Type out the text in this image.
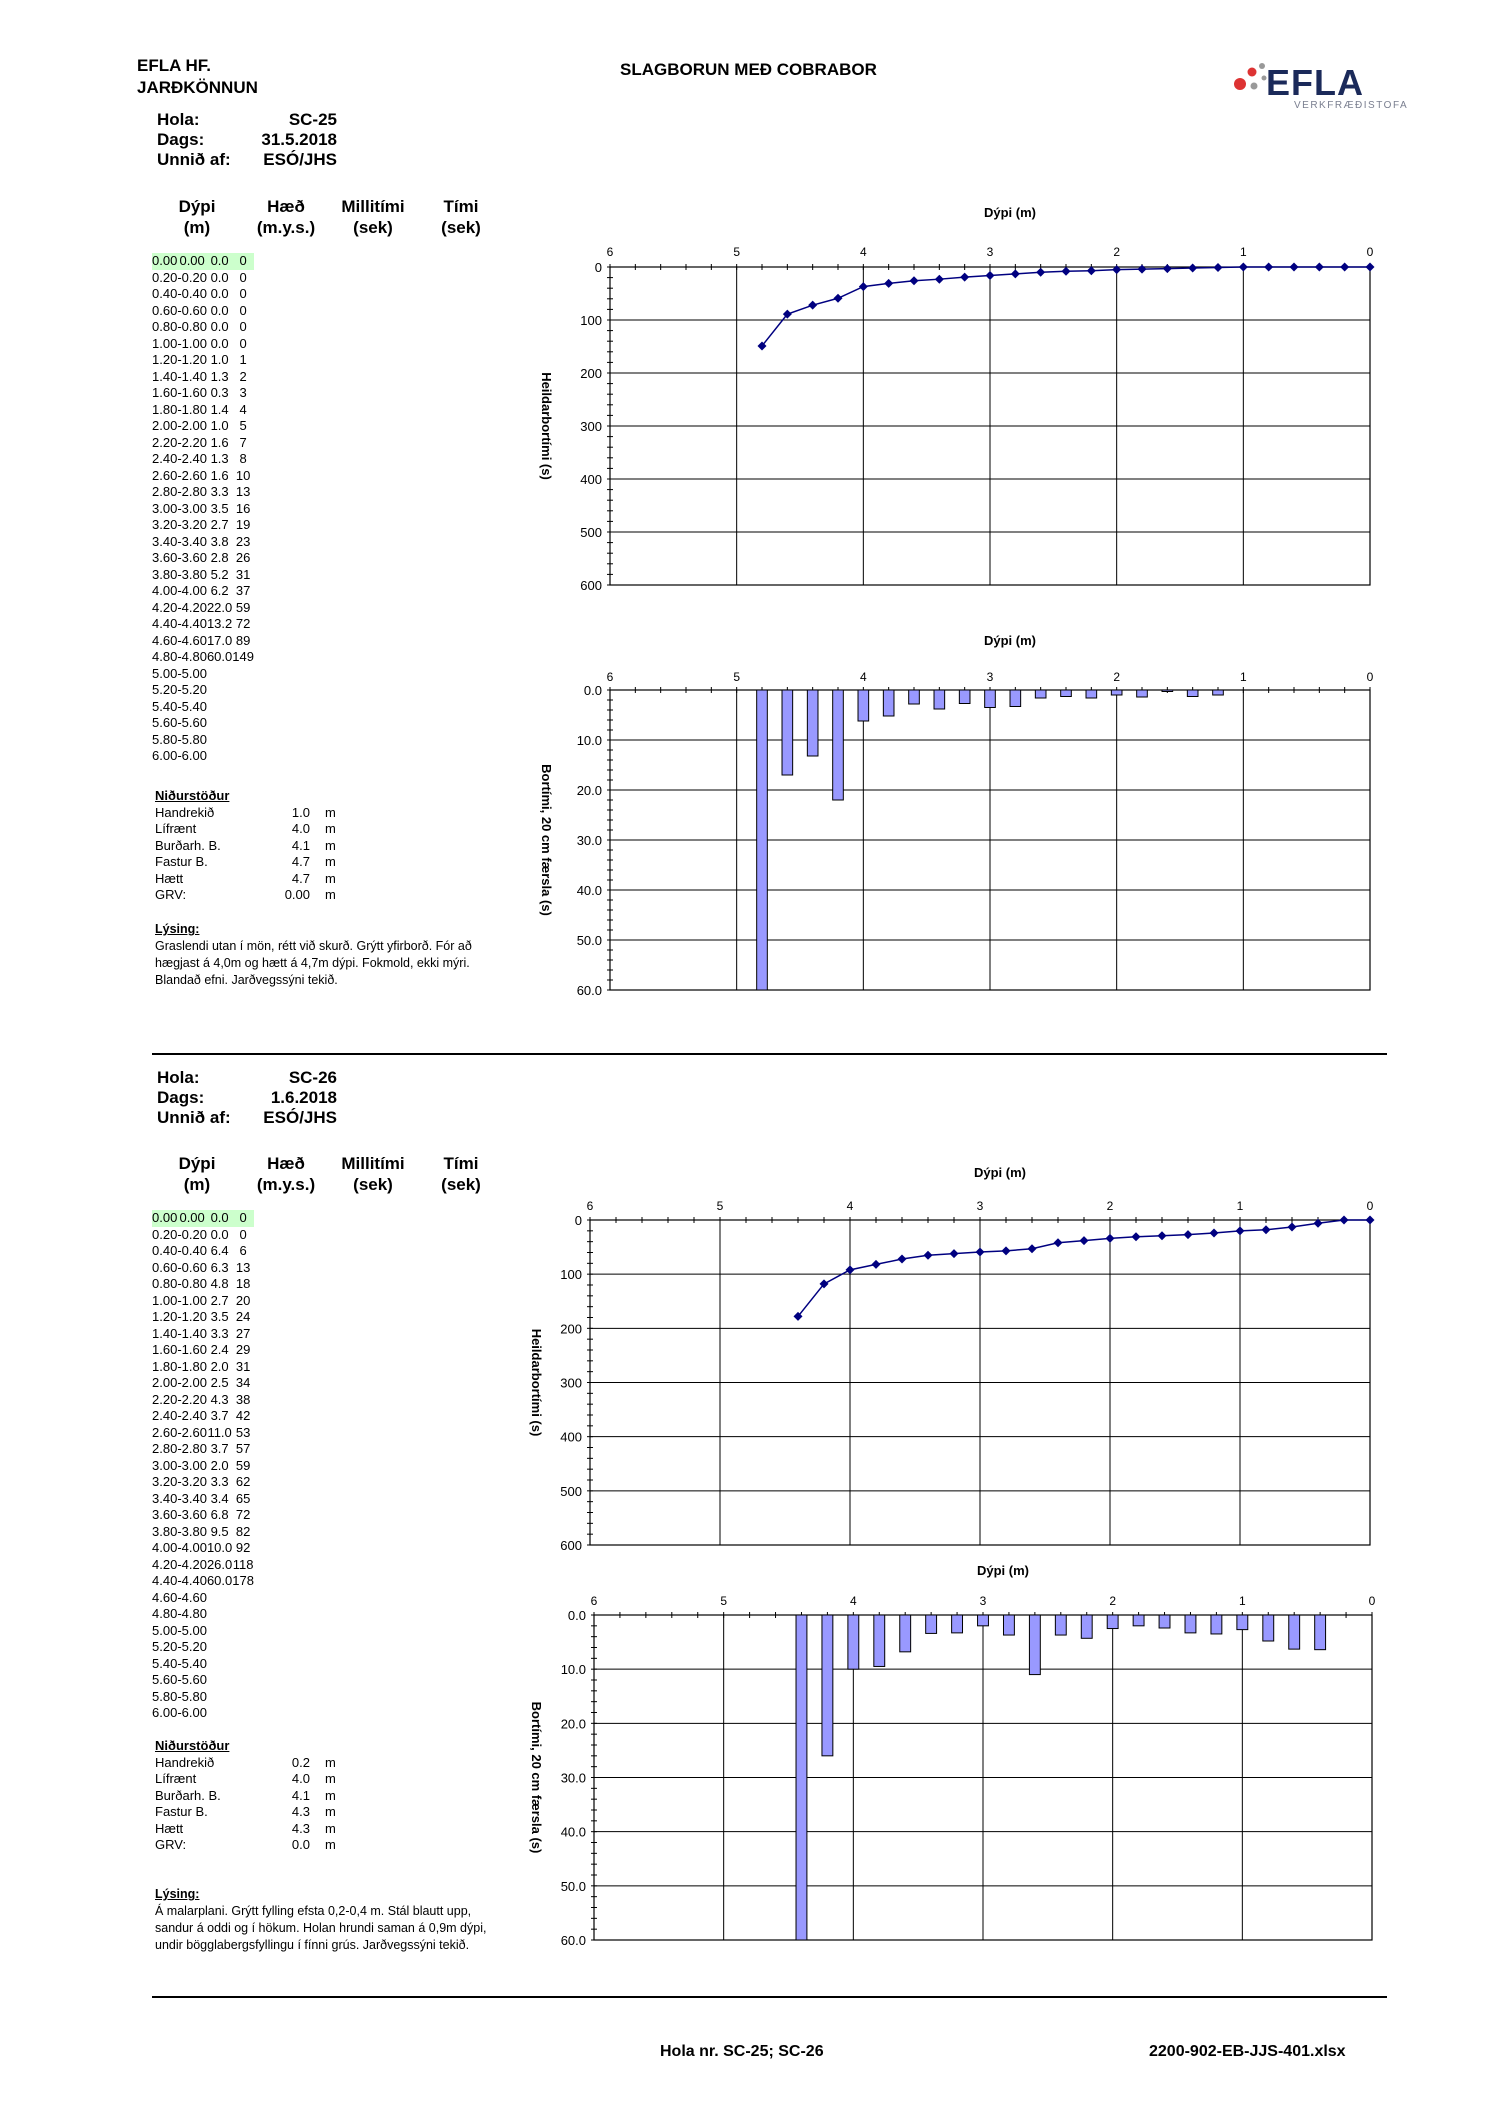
EFLA HF.
JARÐKÖNNUN
SLAGBORUN MEÐ COBRABOR	EFLA
VERKFRÆÐISTOFA
Hola:	SC-25
Dags:	31.5.2018
Unnið af:	ESÓ/JHS
Dýpi
(m)
Hæð
(m.y.s.)
Millitími
(sek)
Tími
(sek)
0.00	0.00	0.0	0	
0.20	-0.20	0.0	0	
0.40	-0.40	0.0	0	
0.60	-0.60	0.0	0	
0.80	-0.80	0.0	0	
1.00	-1.00	0.0	0	
1.20	-1.20	1.0	1	
1.40	-1.40	1.3	2	
1.60	-1.60	0.3	3	
1.80	-1.80	1.4	4	
2.00	-2.00	1.0	5	
2.20	-2.20	1.6	7	
2.40	-2.40	1.3	8	
2.60	-2.60	1.6	10	
2.80	-2.80	3.3	13	
3.00	-3.00	3.5	16	
3.20	-3.20	2.7	19	
3.40	-3.40	3.8	23	
3.60	-3.60	2.8	26	
3.80	-3.80	5.2	31	
4.00	-4.00	6.2	37	
4.20	-4.20	22.0	59	
4.40	-4.40	13.2	72	
4.60	-4.60	17.0	89	
4.80	-4.80	60.0	149	
5.00	-5.00			
5.20	-5.20			
5.40	-5.40			
5.60	-5.60			
5.80	-5.80			
6.00	-6.00			
Niðurstöður
Handrekið	1.0	m
Lífrænt	4.0	m
Burðarh. B.	4.1	m
Fastur B.	4.7	m
Hætt	4.7	m
GRV:	0.00	m
Lýsing:
Graslendi utan í mön, rétt við skurð. Grýtt yfirborð. Fór að hægjast á 4,0m og hætt á 4,7m dýpi. Fokmold, ekki mýri. Blandað efni. Jarðvegssýni tekið.
Hola:	SC-26
Dags:	1.6.2018
Unnið af:	ESÓ/JHS
Dýpi
(m)
Hæð
(m.y.s.)
Millitími
(sek)
Tími
(sek)
0.00	0.00	0.0	0	
0.20	-0.20	0.0	0	
0.40	-0.40	6.4	6	
0.60	-0.60	6.3	13	
0.80	-0.80	4.8	18	
1.00	-1.00	2.7	20	
1.20	-1.20	3.5	24	
1.40	-1.40	3.3	27	
1.60	-1.60	2.4	29	
1.80	-1.80	2.0	31	
2.00	-2.00	2.5	34	
2.20	-2.20	4.3	38	
2.40	-2.40	3.7	42	
2.60	-2.60	11.0	53	
2.80	-2.80	3.7	57	
3.00	-3.00	2.0	59	
3.20	-3.20	3.3	62	
3.40	-3.40	3.4	65	
3.60	-3.60	6.8	72	
3.80	-3.80	9.5	82	
4.00	-4.00	10.0	92	
4.20	-4.20	26.0	118	
4.40	-4.40	60.0	178	
4.60	-4.60			
4.80	-4.80			
5.00	-5.00			
5.20	-5.20			
5.40	-5.40			
5.60	-5.60			
5.80	-5.80			
6.00	-6.00			
Niðurstöður
Handrekið	0.2	m
Lífrænt	4.0	m
Burðarh. B.	4.1	m
Fastur B.	4.3	m
Hætt	4.3	m
GRV:	0.0	m
Lýsing:
Á malarplani. Grýtt fylling efsta 0,2-0,4 m. Stál blautt upp, sandur á oddi og í hökum. Holan hrundi saman á 0,9m dýpi, undir bögglabergsfyllingu í fínni grús. Jarðvegssýni tekið.
Hola nr. SC-25; SC-26	2200-902-EB-JJS-401.xlsx
Dýpi (m)
0
100
200
300
400
500
600
6	5	4	3	2	1	0
Heildarbortími (s)
Dýpi (m)
0.0
10.0
20.0
30.0
40.0
50.0
60.0
6	5	4	3	2	1	0
Bortími, 20 cm færsla (s)
Dýpi (m)
0
100
200
300
400
500
600
6	5	4	3	2	1	0
Heildarbortími (s)
Dýpi (m)
0.0
10.0
20.0
30.0
40.0
50.0
60.0
6	5	4	3	2	1	0
Bortími, 20 cm færsla (s)
